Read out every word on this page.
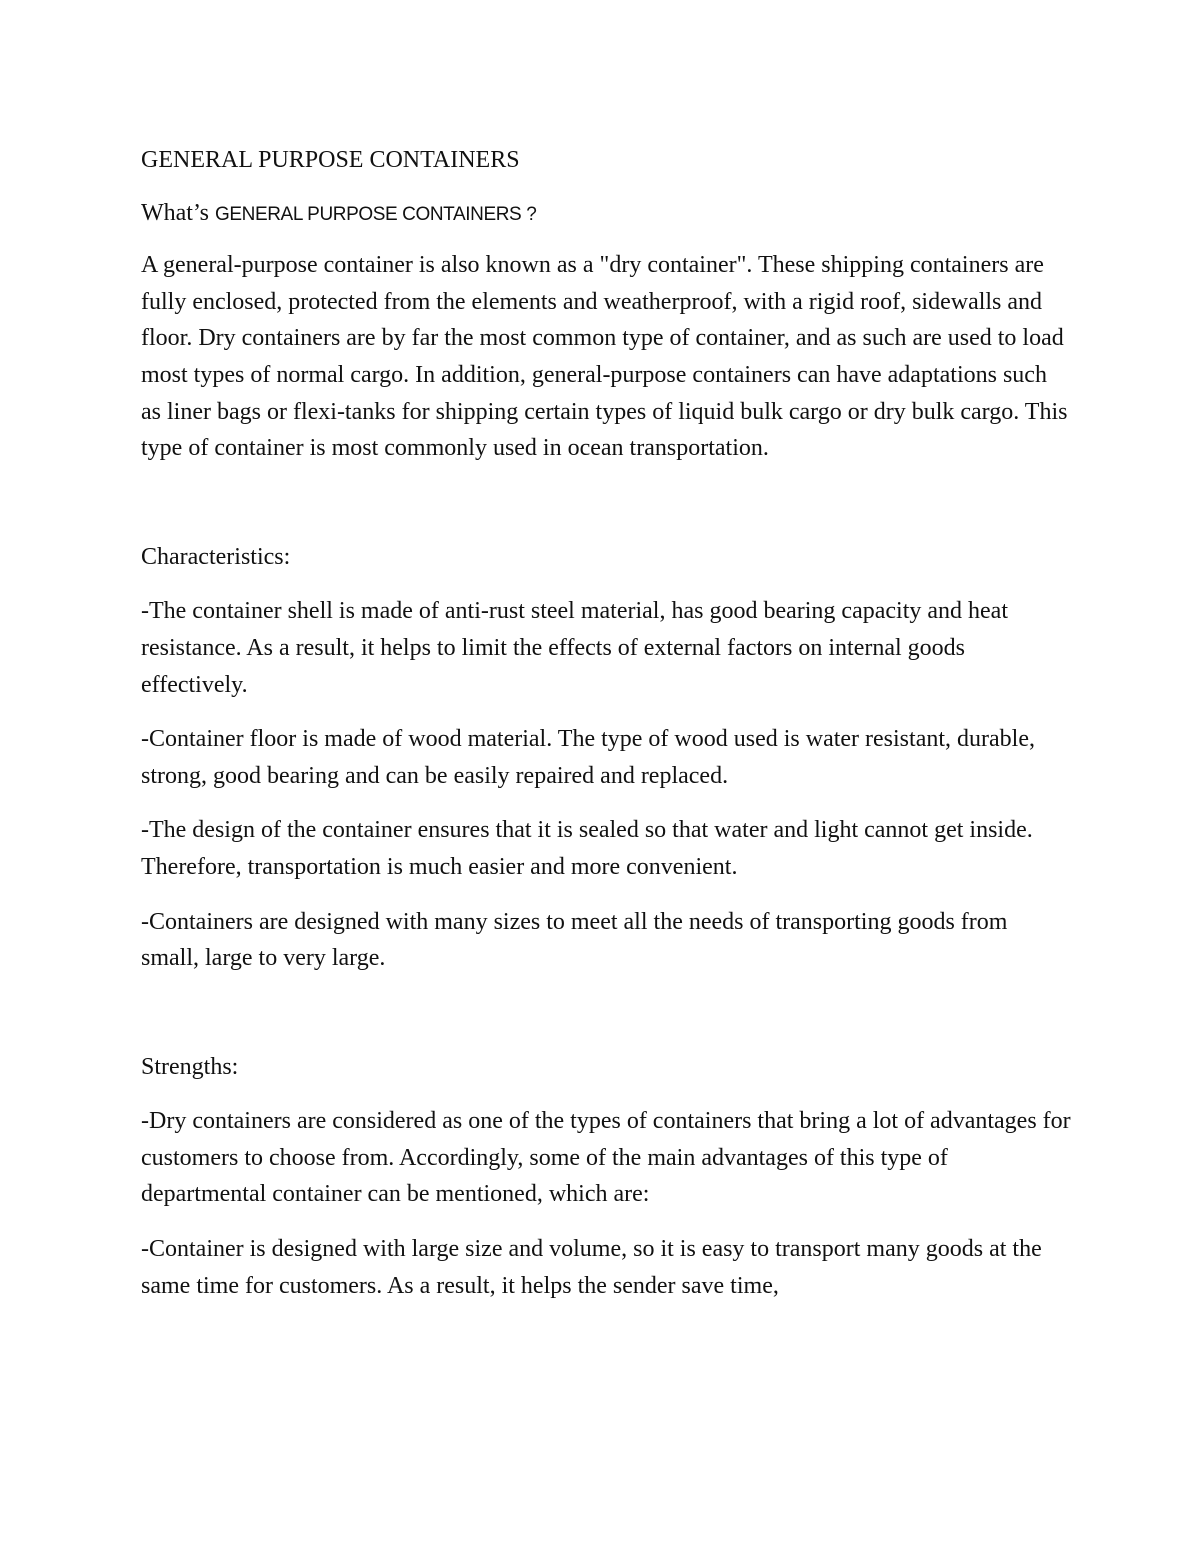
GENERAL PURPOSE CONTAINERS

What’s GENERAL PURPOSE CONTAINERS ?

A general-purpose container is also known as a "dry container". These shipping containers are fully enclosed, protected from the elements and weatherproof, with a rigid roof, sidewalls and floor. Dry containers are by far the most common type of container, and as such are used to load most types of normal cargo. In addition, general-purpose containers can have adaptations such as liner bags or flexi-tanks for shipping certain types of liquid bulk cargo or dry bulk cargo. This type of container is most commonly used in ocean transportation.

Characteristics:

-The container shell is made of anti-rust steel material, has good bearing capacity and heat resistance. As a result, it helps to limit the effects of external factors on internal goods effectively.

-Container floor is made of wood material. The type of wood used is water resistant, durable, strong, good bearing and can be easily repaired and replaced.

-The design of the container ensures that it is sealed so that water and light cannot get inside. Therefore, transportation is much easier and more convenient.

-Containers are designed with many sizes to meet all the needs of transporting goods from small, large to very large.

Strengths:

-Dry containers are considered as one of the types of containers that bring a lot of advantages for customers to choose from. Accordingly, some of the main advantages of this type of departmental container can be mentioned, which are:

-Container is designed with large size and volume, so it is easy to transport many goods at the same time for customers. As a result, it helps the sender save time,
